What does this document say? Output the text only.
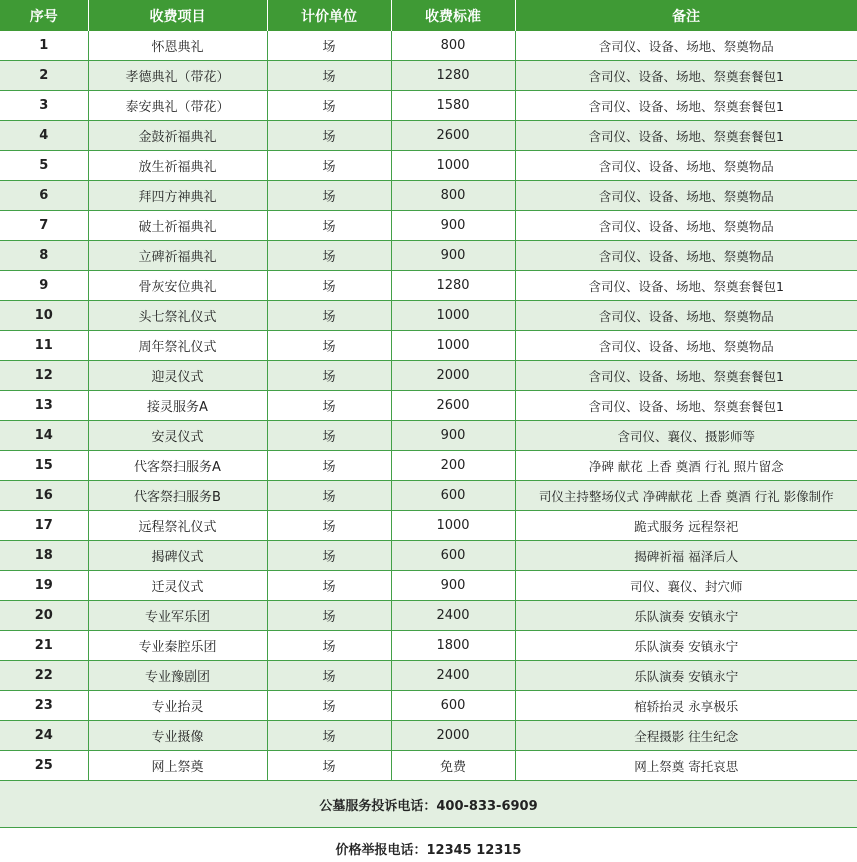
序号	收费项目	计价单位	收费标准	备注
1	怀恩典礼	场	800	含司仪、设备、场地、祭奠物品
2	孝德典礼（带花）	场	1280	含司仪、设备、场地、祭奠套餐包1
3	泰安典礼（带花）	场	1580	含司仪、设备、场地、祭奠套餐包1
4	金鼓祈福典礼	场	2600	含司仪、设备、场地、祭奠套餐包1
5	放生祈福典礼	场	1000	含司仪、设备、场地、祭奠物品
6	拜四方神典礼	场	800	含司仪、设备、场地、祭奠物品
7	破土祈福典礼	场	900	含司仪、设备、场地、祭奠物品
8	立碑祈福典礼	场	900	含司仪、设备、场地、祭奠物品
9	骨灰安位典礼	场	1280	含司仪、设备、场地、祭奠套餐包1
10	头七祭礼仪式	场	1000	含司仪、设备、场地、祭奠物品
11	周年祭礼仪式	场	1000	含司仪、设备、场地、祭奠物品
12	迎灵仪式	场	2000	含司仪、设备、场地、祭奠套餐包1
13	接灵服务A	场	2600	含司仪、设备、场地、祭奠套餐包1
14	安灵仪式	场	900	含司仪、襄仪、摄影师等
15	代客祭扫服务A	场	200	净碑 献花 上香 奠酒 行礼 照片留念
16	代客祭扫服务B	场	600	司仪主持整场仪式 净碑献花 上香 奠酒 行礼 影像制作
17	远程祭礼仪式	场	1000	跪式服务 远程祭祀
18	揭碑仪式	场	600	揭碑祈福 福泽后人
19	迁灵仪式	场	900	司仪、襄仪、封穴师
20	专业军乐团	场	2400	乐队演奏 安镇永宁
21	专业秦腔乐团	场	1800	乐队演奏 安镇永宁
22	专业豫剧团	场	2400	乐队演奏 安镇永宁
23	专业抬灵	场	600	棺轿抬灵 永享极乐
24	专业摄像	场	2000	全程摄影 往生纪念
25	网上祭奠	场	免费	网上祭奠 寄托哀思
公墓服务投诉电话：400-833-6909				
价格举报电话：12345 12315
